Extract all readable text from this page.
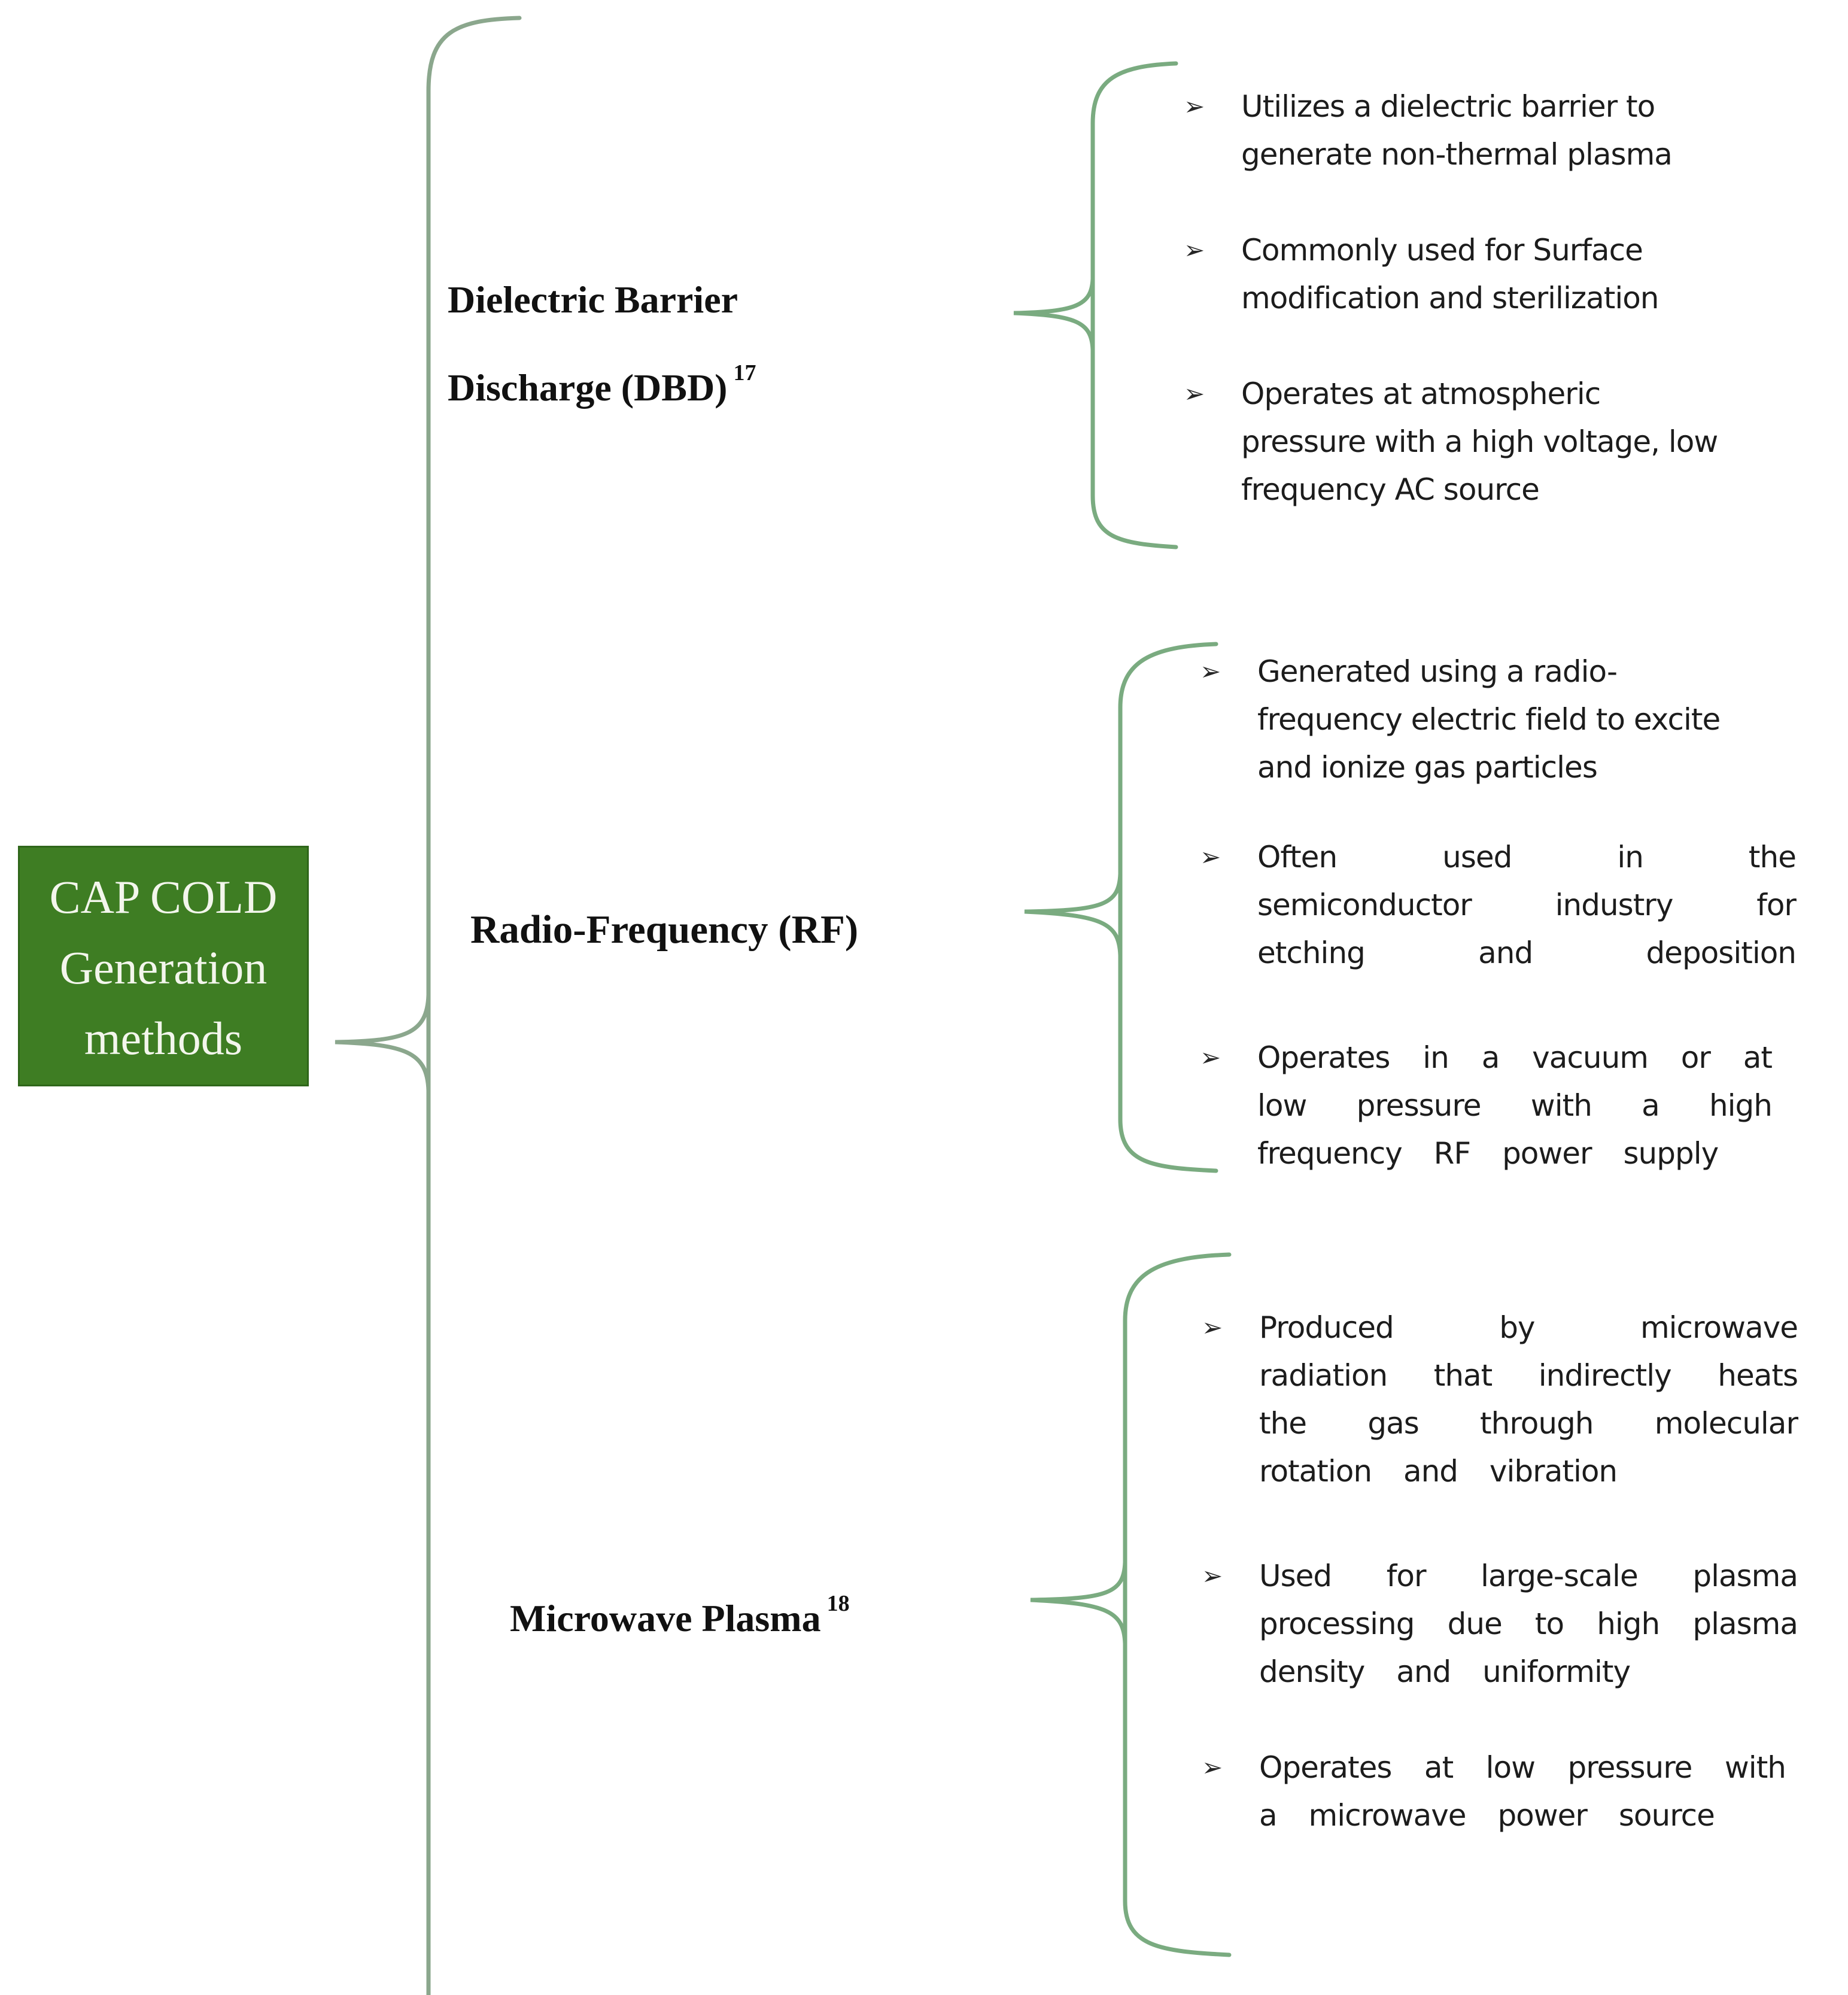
CAP COLD
Generation
methods
Dielectric Barrier
Discharge (DBD) $^{17}$
Radio-Frequency (RF)
Microwave Plasma $^{18}$
➢	Utilizes a dielectric barrier to generate non-thermal plasma
➢	Commonly used for Surface modification and sterilization
➢	Operates at atmospheric pressure with a high voltage, low frequency AC source
➢	Generated using a radio-frequency electric field to excite and ionize gas particles
➢	Often used in the semiconductor industry for etching and deposition
➢	Operates in a vacuum or at low pressure with a high frequency RF power supply
➢	Produced by microwave radiation that indirectly heats the gas through molecular rotation and vibration
➢	Used for large-scale plasma processing due to high plasma density and uniformity
➢	Operates at low pressure with a microwave power source
